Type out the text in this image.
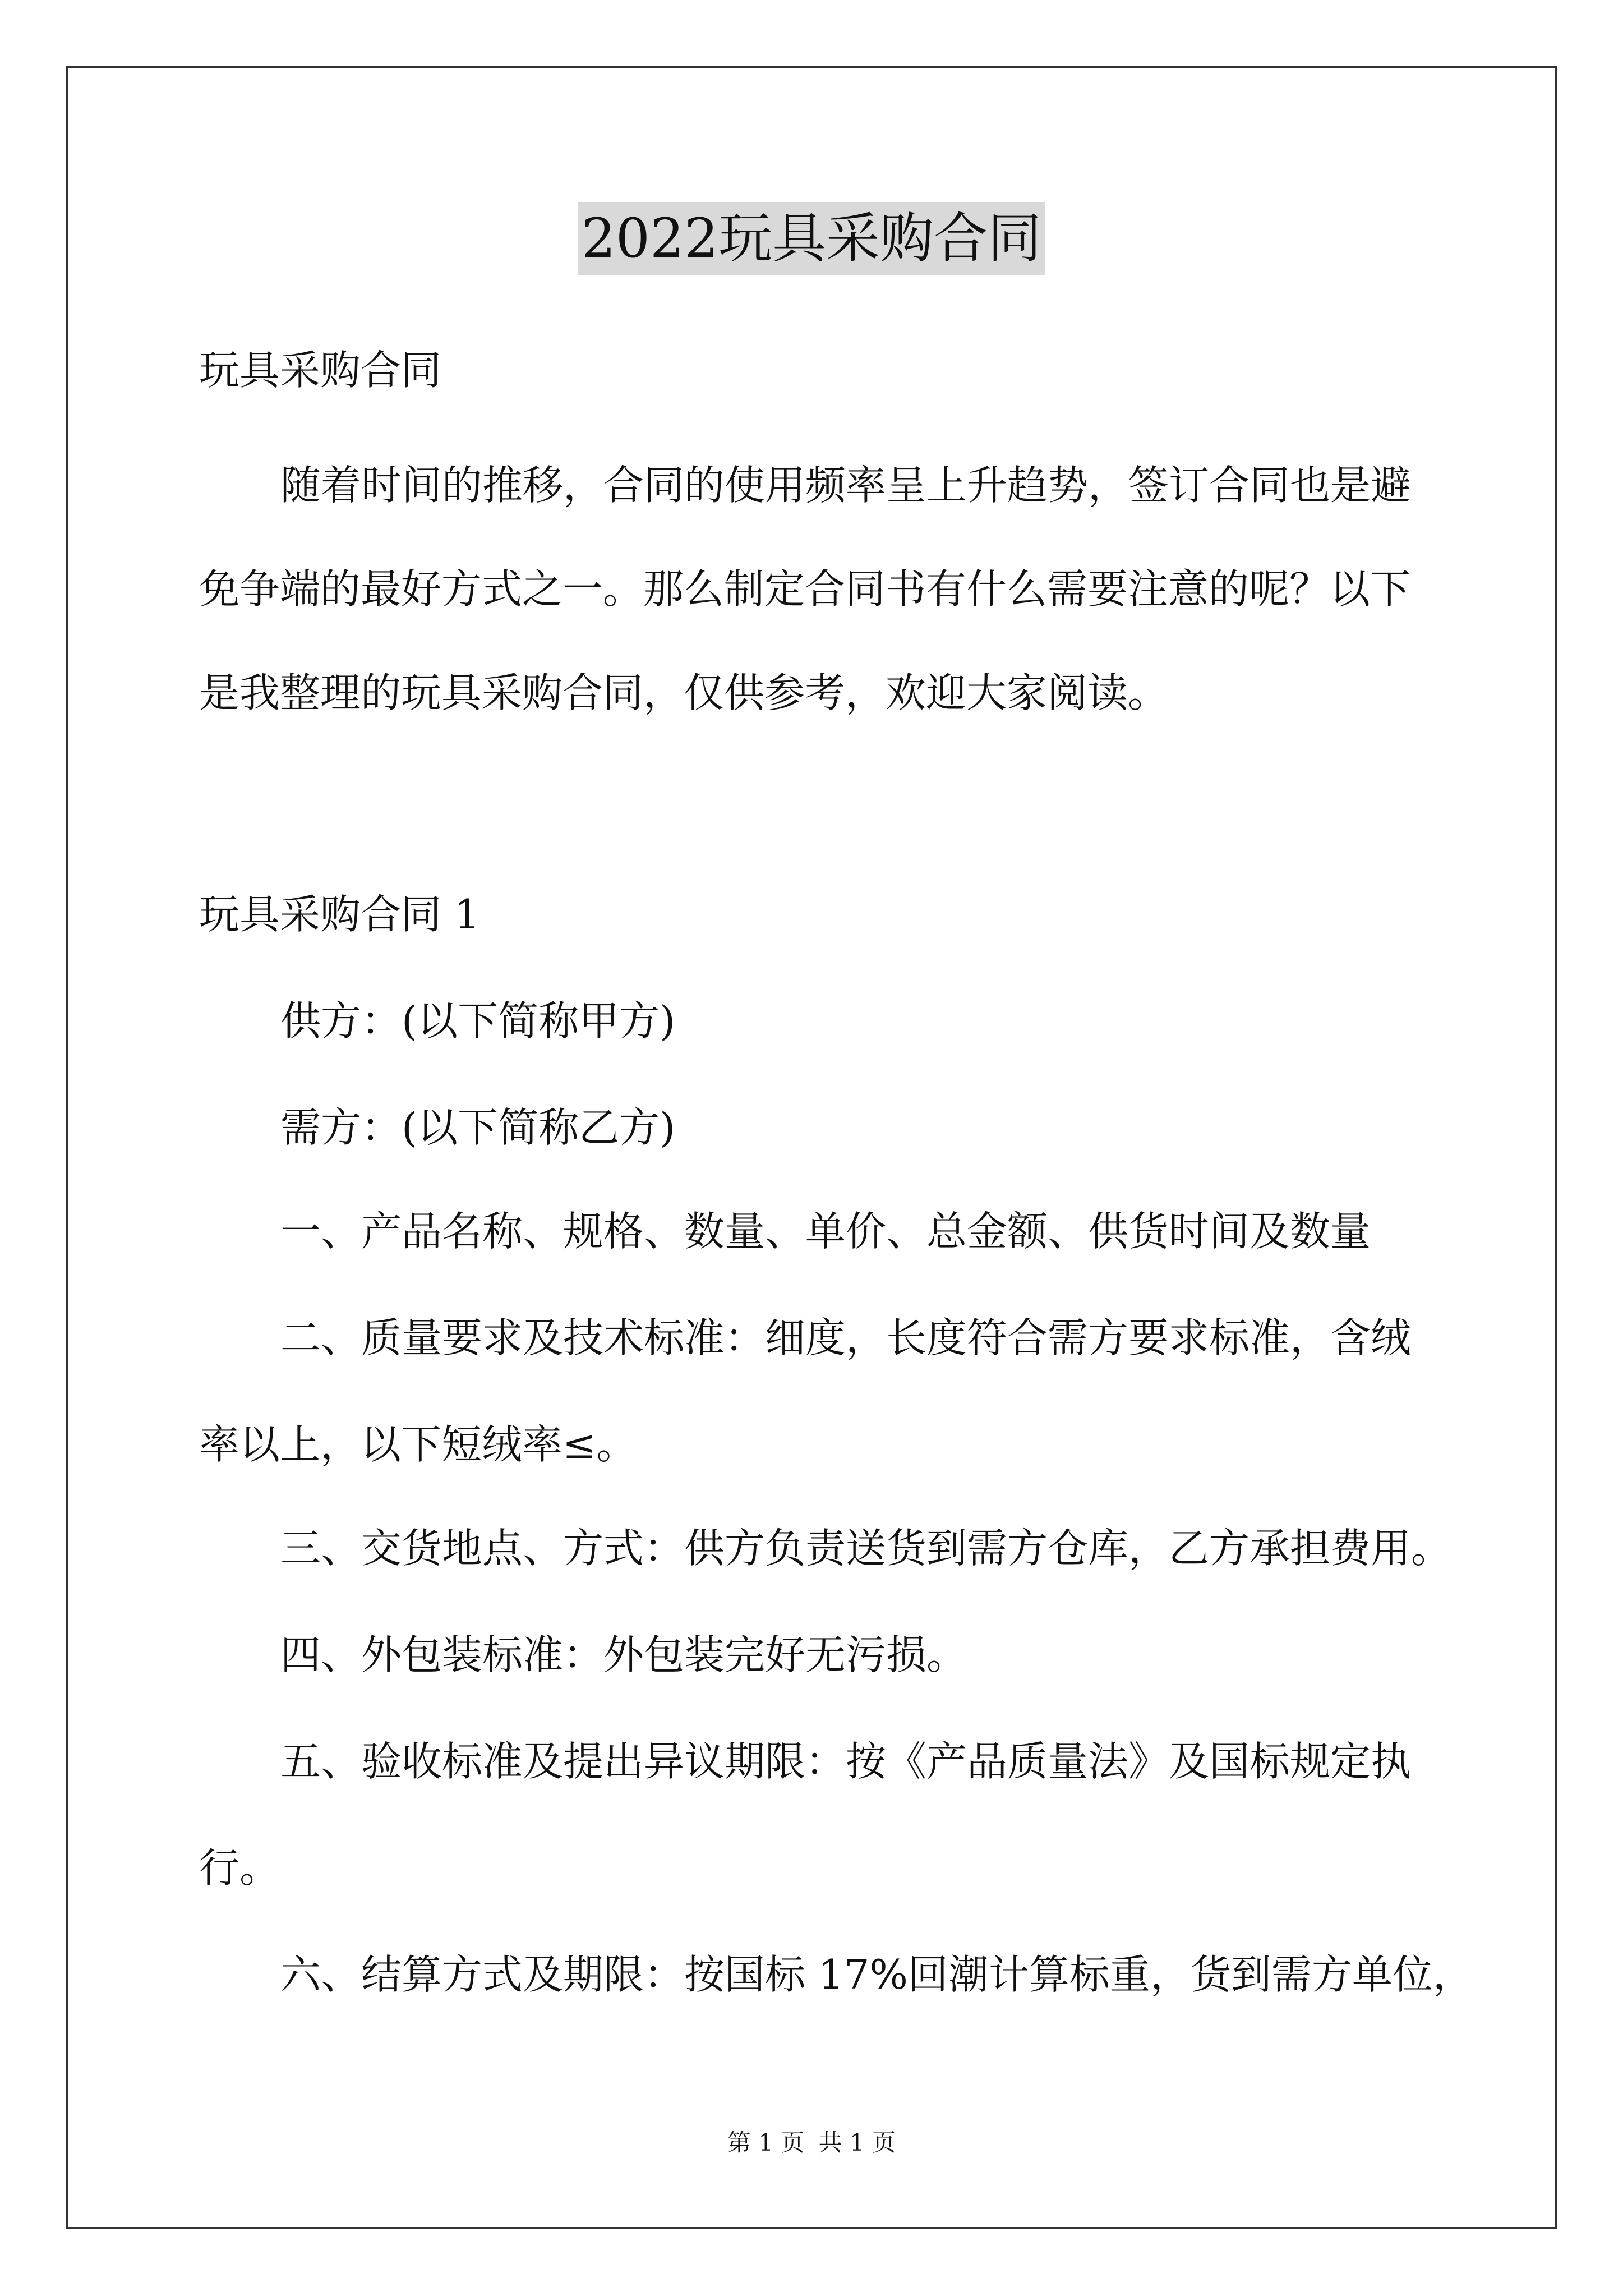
2022玩具采购合同
玩具采购合同
随着时间的推移，合同的使用频率呈上升趋势，签订合同也是避
免争端的最好方式之一。那么制定合同书有什么需要注意的呢？以下
是我整理的玩具采购合同，仅供参考，欢迎大家阅读。
玩具采购合同 1
供方：(以下简称甲方)
需方：(以下简称乙方)
一、产品名称、规格、数量、单价、总金额、供货时间及数量
二、质量要求及技术标准：细度，长度符合需方要求标准，含绒
率以上，以下短绒率≤。
三、交货地点、方式：供方负责送货到需方仓库，乙方承担费用。
四、外包装标准：外包装完好无污损。
五、验收标准及提出异议期限：按《产品质量法》及国标规定执
行。
六、结算方式及期限：按国标 17%回潮计算标重，货到需方单位，
第 1 页 共 1 页
